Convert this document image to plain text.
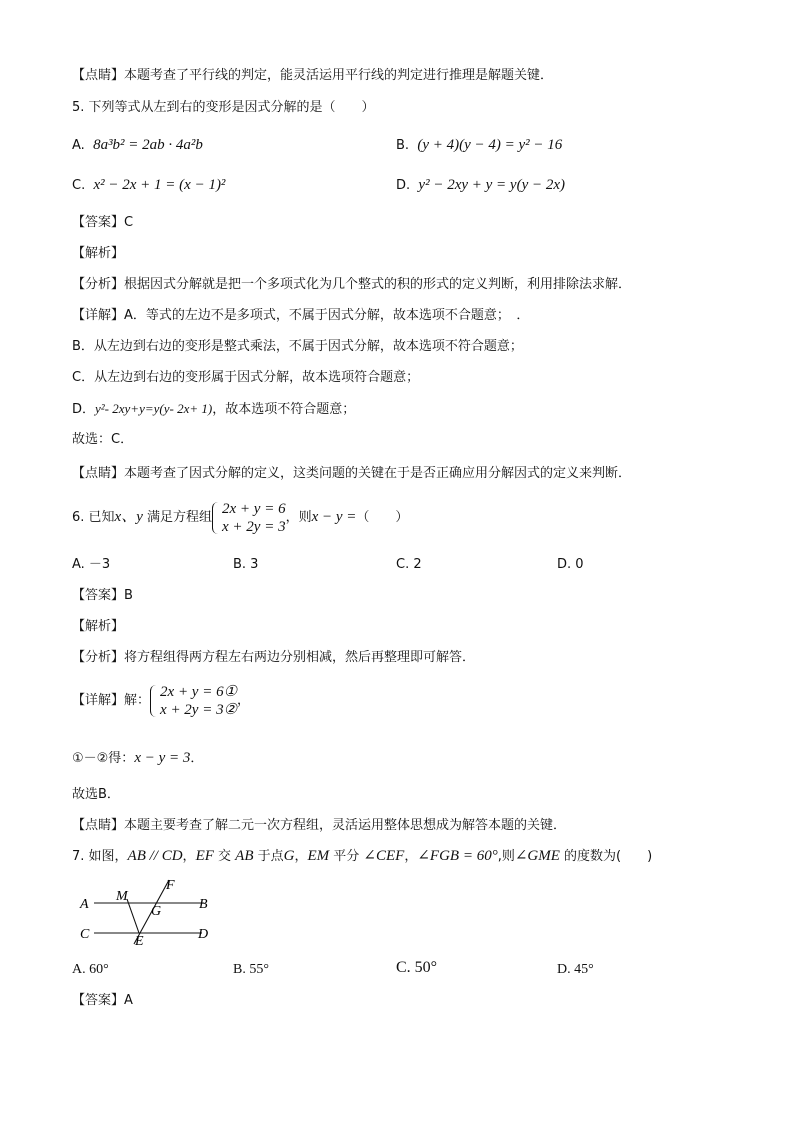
【点睛】本题考查了平行线的判定，能灵活运用平行线的判定进行推理是解题关键．
5. 下列等式从左到右的变形是因式分解的是（　　）
A. 8a³b² = 2ab · 4a²b	B. (y + 4)(y − 4) = y² − 16
C. x² − 2x + 1 = (x − 1)²	D. y² − 2xy + y = y(y − 2x)
【答案】C
【解析】
【分析】根据因式分解就是把一个多项式化为几个整式的积的形式的定义判断，利用排除法求解．
【详解】A．等式的左边不是多项式，不属于因式分解，故本选项不合题意；　．
B．从左边到右边的变形是整式乘法，不属于因式分解，故本选项不符合题意；
C．从左边到右边的变形属于因式分解，故本选项符合题意；
D．y²- 2xy+y=y(y- 2x+ 1)，故本选项不符合题意；
故选：C．
【点睛】本题考查了因式分解的定义，这类问题的关键在于是否正确应用分解因式的定义来判断．
6. 已知x、y 满足方程组
2x + y = 6
x + 2y = 3
，则x − y =（　　）
A. －3	B. 3	C. 2	D. 0
【答案】B
【解析】
【分析】将方程组得两方程左右两边分别相减，然后再整理即可解答．
【详解】解：
2x + y = 6①
x + 2y = 3②
，
①－②得：x − y = 3．
故选B．
【点睛】本题主要考查了解二元一次方程组，灵活运用整体思想成为解答本题的关键．
7. 如图，AB // CD，EF 交 AB 于点G，EM 平分 ∠CEF，∠FGB = 60°,则∠GME 的度数为(　　)
A
M
F
G	B
C	E	D
A. 60°	B. 55°	C. 50°	D. 45°
【答案】A
